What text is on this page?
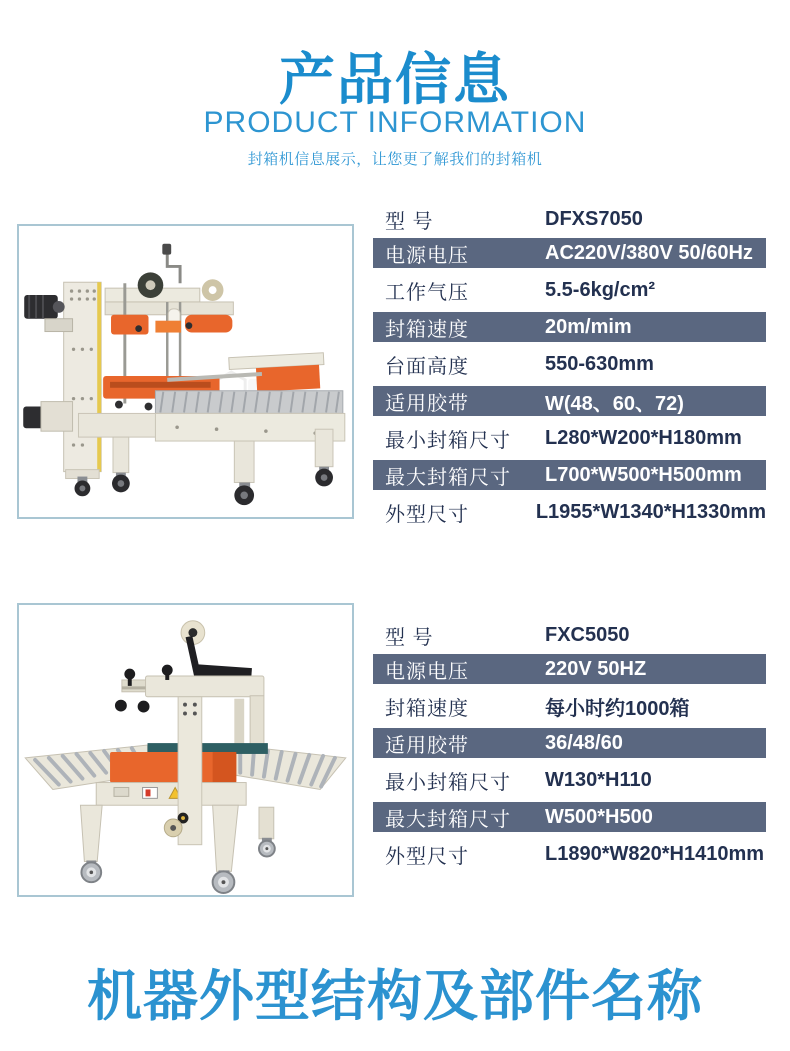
产品信息
PRODUCT INFORMATION
封箱机信息展示，让您更了解我们的封箱机
型 号	DFXS7050
电源电压	AC220V/380V 50/60Hz
工作气压	5.5-6kg/cm²
封箱速度	20m/mim
台面高度	550-630mm
适用胶带	W(48、60、72)
最小封箱尺寸	L280*W200*H180mm
最大封箱尺寸	L700*W500*H500mm
外型尺寸	L1955*W1340*H1330mm
型 号	FXC5050
电源电压	220V 50HZ
封箱速度	每小时约1000箱
适用胶带	36/48/60
最小封箱尺寸	W130*H110
最大封箱尺寸	W500*H500
外型尺寸	L1890*W820*H1410mm
机器外型结构及部件名称
